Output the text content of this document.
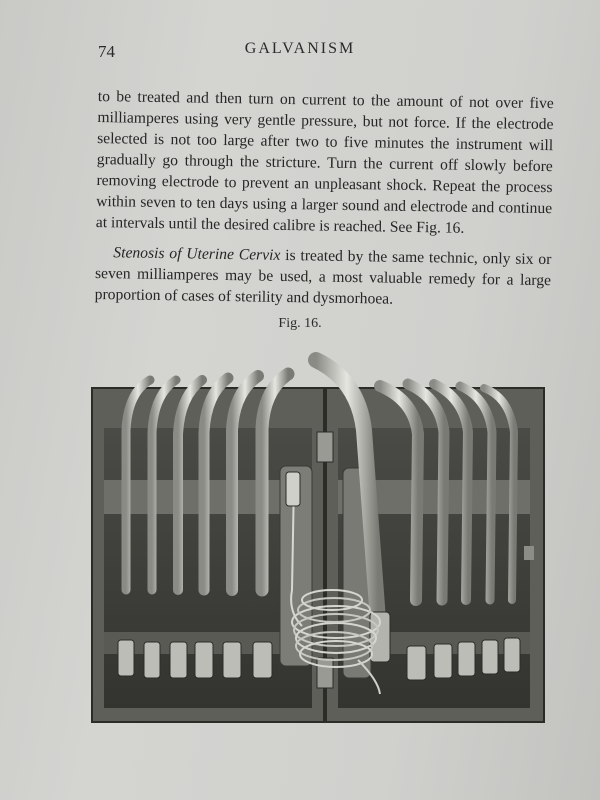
74	GALVANISM

to be treated and then turn on current to the amount of not over five milliamperes using very gentle pressure, but not force. If the electrode selected is not too large after two to five minutes the instrument will gradually go through the stricture. Turn the current off slowly before removing electrode to prevent an unpleasant shock. Repeat the process within seven to ten days using a larger sound and electrode and continue at intervals until the desired calibre is reached. See Fig. 16.

Stenosis of Uterine Cervix is treated by the same technic, only six or seven milliamperes may be used, a most valuable remedy for a large proportion of cases of sterility and dysmorhoea.

Fig. 16.
